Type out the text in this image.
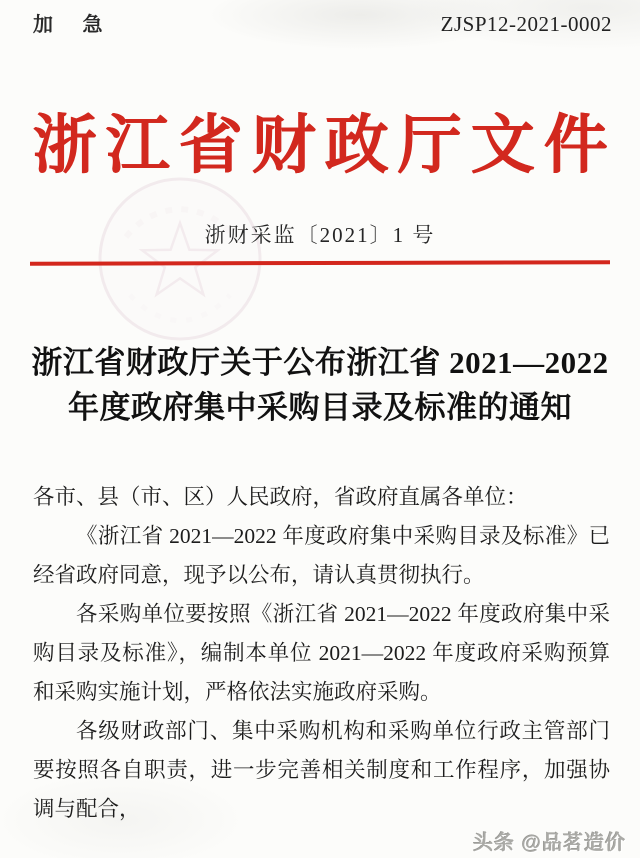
加 急	ZJSP12-2021-0002
浙江省财政厅文件
浙财采监〔2021〕1 号
浙江省财政厅关于公布浙江省 2021—2022
年度政府集中采购目录及标准的通知

各市、县（市、区）人民政府，省政府直属各单位：

《浙江省 2021—2022 年度政府集中采购目录及标准》已经省政府同意，现予以公布，请认真贯彻执行。

各采购单位要按照《浙江省 2021—2022 年度政府集中采购目录及标准》，编制本单位 2021—2022 年度政府采购预算和采购实施计划，严格依法实施政府采购。

各级财政部门、集中采购机构和采购单位行政主管部门要按照各自职责，进一步完善相关制度和工作程序，加强协调与配合，

头条 @品茗造价
